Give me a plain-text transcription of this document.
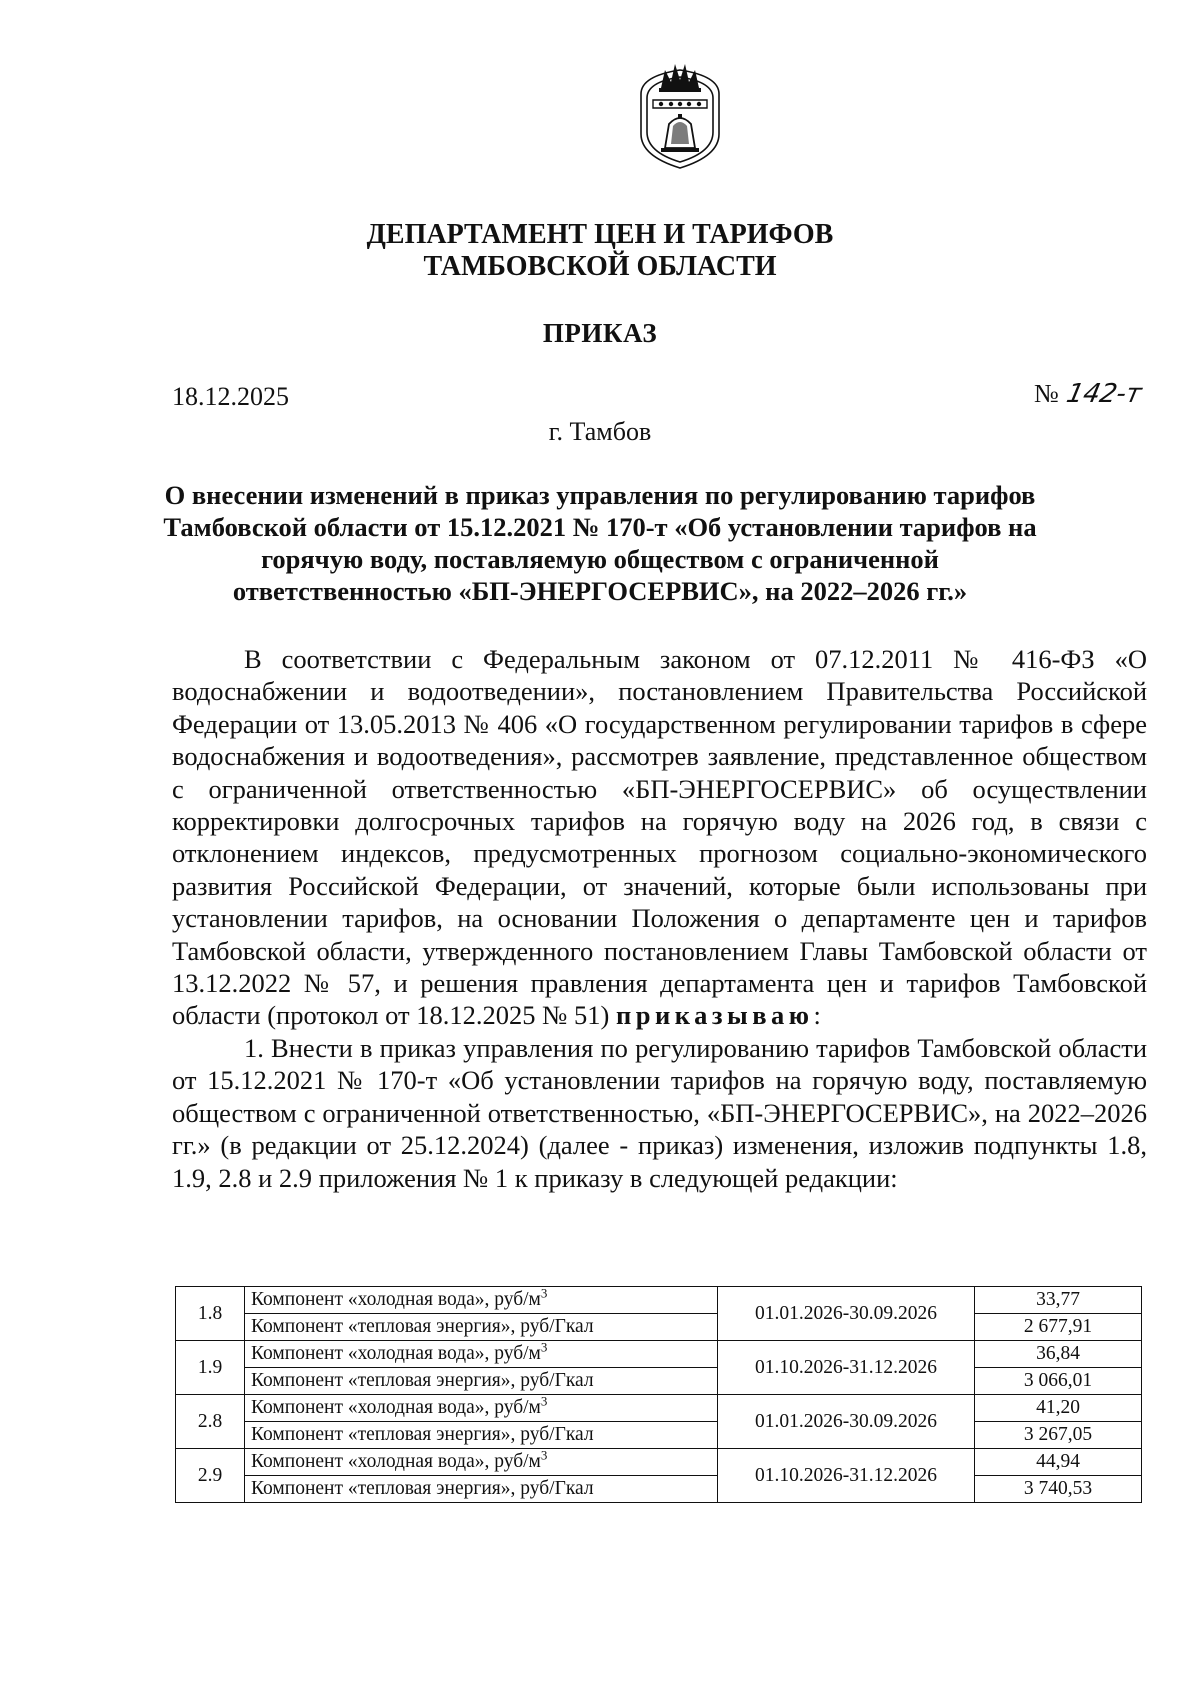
ДЕПАРТАМЕНТ ЦЕН И ТАРИФОВ
ТАМБОВСКОЙ ОБЛАСТИ
ПРИКАЗ
18.12.2025	№ 142-т
г. Тамбов
О внесении изменений в приказ управления по регулированию тарифов
Тамбовской области от 15.12.2021 № 170-т «Об установлении тарифов на
горячую воду, поставляемую обществом с ограниченной
ответственностью «БП-ЭНЕРГОСЕРВИС», на 2022–2026 гг.»

В соответствии с Федеральным законом от 07.12.2011 № 416-ФЗ «О водоснабжении и водоотведении», постановлением Правительства Российской Федерации от 13.05.2013 № 406 «О государственном регулировании тарифов в сфере водоснабжения и водоотведения», рассмотрев заявление, представленное обществом с ограниченной ответственностью «БП-ЭНЕРГОСЕРВИС» об осуществлении корректировки долгосрочных тарифов на горячую воду на 2026 год, в связи с отклонением индексов, предусмотренных прогнозом социально-экономического развития Российской Федерации, от значений, которые были использованы при установлении тарифов, на основании Положения о департаменте цен и тарифов Тамбовской области, утвержденного постановлением Главы Тамбовской области от 13.12.2022 № 57, и решения правления департамента цен и тарифов Тамбовской области (протокол от 18.12.2025 № 51) приказываю:

1. Внести в приказ управления по регулированию тарифов Тамбовской области от 15.12.2021 № 170-т «Об установлении тарифов на горячую воду, поставляемую обществом с ограниченной ответственностью, «БП-ЭНЕРГОСЕРВИС», на 2022–2026 гг.» (в редакции от 25.12.2024) (далее - приказ) изменения, изложив подпункты 1.8, 1.9, 2.8 и 2.9 приложения № 1 к приказу в следующей редакции:

1.8	Компонент «холодная вода», руб/$м^3$	01.01.2026-30.09.2026	33,77
	Компонент «тепловая энергия», руб/Гкал		2 677,91
1.9	Компонент «холодная вода», руб/$м^3$	01.10.2026-31.12.2026	36,84
	Компонент «тепловая энергия», руб/Гкал		3 066,01
2.8	Компонент «холодная вода», руб/$м^3$	01.01.2026-30.09.2026	41,20
	Компонент «тепловая энергия», руб/Гкал		3 267,05
2.9	Компонент «холодная вода», руб/$м^3$	01.10.2026-31.12.2026	44,94
	Компонент «тепловая энергия», руб/Гкал		3 740,53
